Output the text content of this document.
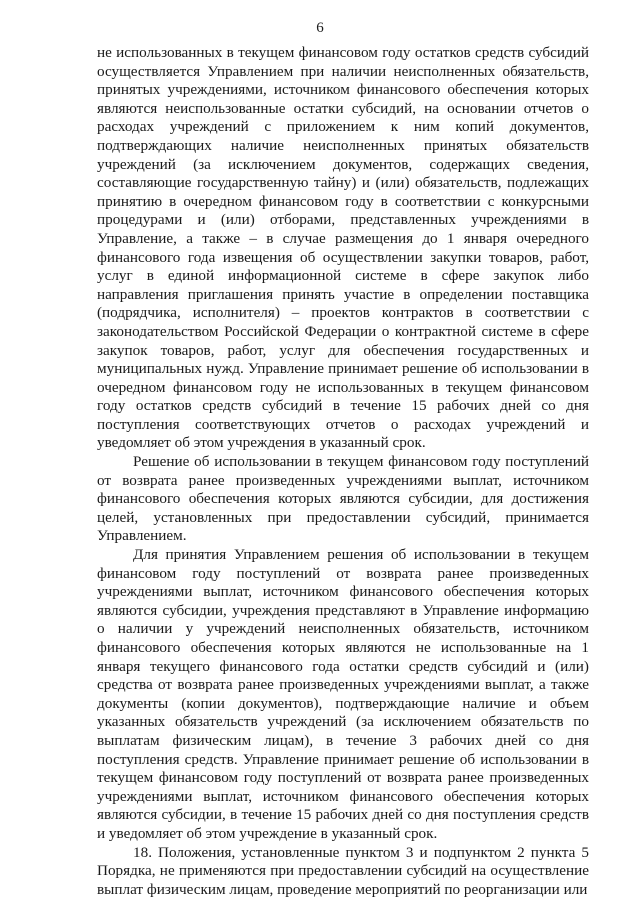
6

не использованных в текущем финансовом году остатков средств субсидий осуществляется Управлением при наличии неисполненных обязательств, принятых учреждениями, источником финансового обеспечения которых являются неиспользованные остатки субсидий, на основании отчетов о расходах учреждений с приложением к ним копий документов, подтверждающих наличие неисполненных принятых обязательств учреждений (за исключением документов, содержащих сведения, составляющие государственную тайну) и (или) обязательств, подлежащих принятию в очередном финансовом году в соответствии с конкурсными процедурами и (или) отборами, представленных учреждениями в Управление, а также – в случае размещения до 1 января очередного финансового года извещения об осуществлении закупки товаров, работ, услуг в единой информационной системе в сфере закупок либо направления приглашения принять участие в определении поставщика (подрядчика, исполнителя) – проектов контрактов в соответствии с законодательством Российской Федерации о контрактной системе в сфере закупок товаров, работ, услуг для обеспечения государственных и муниципальных нужд. Управление принимает решение об использовании в очередном финансовом году не использованных в текущем финансовом году остатков средств субсидий в течение 15 рабочих дней со дня поступления соответствующих отчетов о расходах учреждений и уведомляет об этом учреждения в указанный срок.

Решение об использовании в текущем финансовом году поступлений от возврата ранее произведенных учреждениями выплат, источником финансового обеспечения которых являются субсидии, для достижения целей, установленных при предоставлении субсидий, принимается Управлением.

Для принятия Управлением решения об использовании в текущем финансовом году поступлений от возврата ранее произведенных учреждениями выплат, источником финансового обеспечения которых являются субсидии, учреждения представляют в Управление информацию о наличии у учреждений неисполненных обязательств, источником финансового обеспечения которых являются не использованные на 1 января текущего финансового года остатки средств субсидий и (или) средства от возврата ранее произведенных учреждениями выплат, а также документы (копии документов), подтверждающие наличие и объем указанных обязательств учреждений (за исключением обязательств по выплатам физическим лицам), в течение 3 рабочих дней со дня поступления средств. Управление принимает решение об использовании в текущем финансовом году поступлений от возврата ранее произведенных учреждениями выплат, источником финансового обеспечения которых являются субсидии, в течение 15 рабочих дней со дня поступления средств и уведомляет об этом учреждение в указанный срок.

18. Положения, установленные пунктом 3 и подпунктом 2 пункта 5 Порядка, не применяются при предоставлении субсидий на осуществление выплат физическим лицам, проведение мероприятий по реорганизации или
